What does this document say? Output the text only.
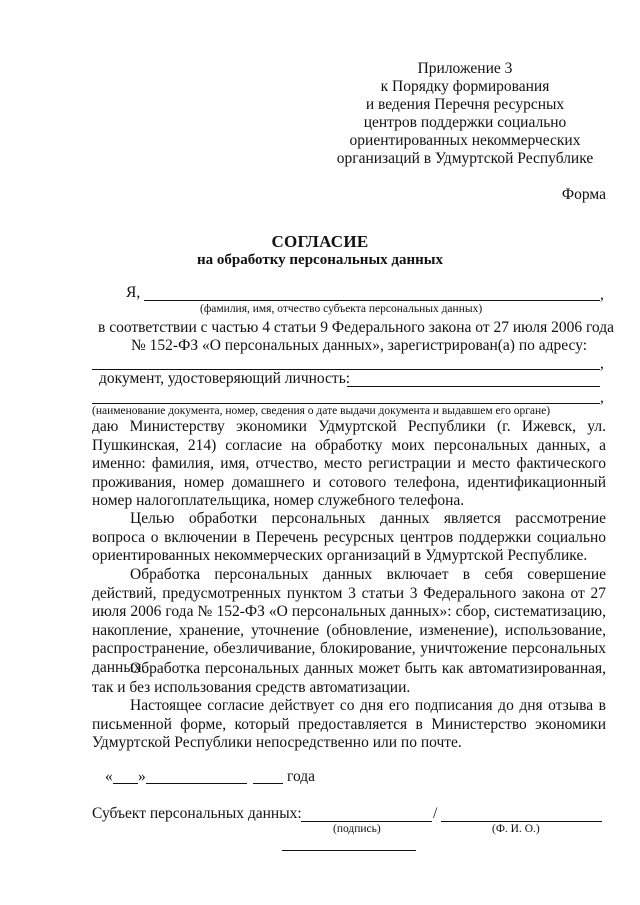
Приложение 3
к Порядку формирования
и ведения Перечня ресурсных
центров поддержки социально
ориентированных некоммерческих
организаций в Удмуртской Республике
Форма
СОГЛАСИЕ
на обработку персональных данных
Я,	,
(фамилия, имя, отчество субъекта персональных данных)
в соответствии с частью 4 статьи 9 Федерального закона от 27 июля 2006 года
№ 152-ФЗ «О персональных данных», зарегистрирован(а) по адресу:
,
документ, удостоверяющий личность:
,
(наименование документа, номер, сведения о дате выдачи документа и выдавшем его органе)
даю Министерству экономики Удмуртской Республики (г. Ижевск, ул. Пушкинская, 214) согласие на обработку моих персональных данных, а именно: фамилия, имя, отчество, место регистрации и место фактического проживания, номер домашнего и сотового телефона, идентификационный номер налогоплательщика, номер служебного телефона.
Целью обработки персональных данных является рассмотрение вопроса о включении в Перечень ресурсных центров поддержки социально ориентированных некоммерческих организаций в Удмуртской Республике.
Обработка персональных данных включает в себя совершение действий, предусмотренных пунктом 3 статьи 3 Федерального закона от 27 июля 2006 года № 152-ФЗ «О персональных данных»: сбор, систематизацию, накопление, хранение, уточнение (обновление, изменение), использование, распространение, обезличивание, блокирование, уничтожение персональных данных.
Обработка персональных данных может быть как автоматизированная, так и без использования средств автоматизации.
Настоящее согласие действует со дня его подписания до дня отзыва в письменной форме, который предоставляется в Министерство экономики Удмуртской Республики непосредственно или по почте.
« »	года
Субъект персональных данных:	/
(подпись)	(Ф. И. О.)
